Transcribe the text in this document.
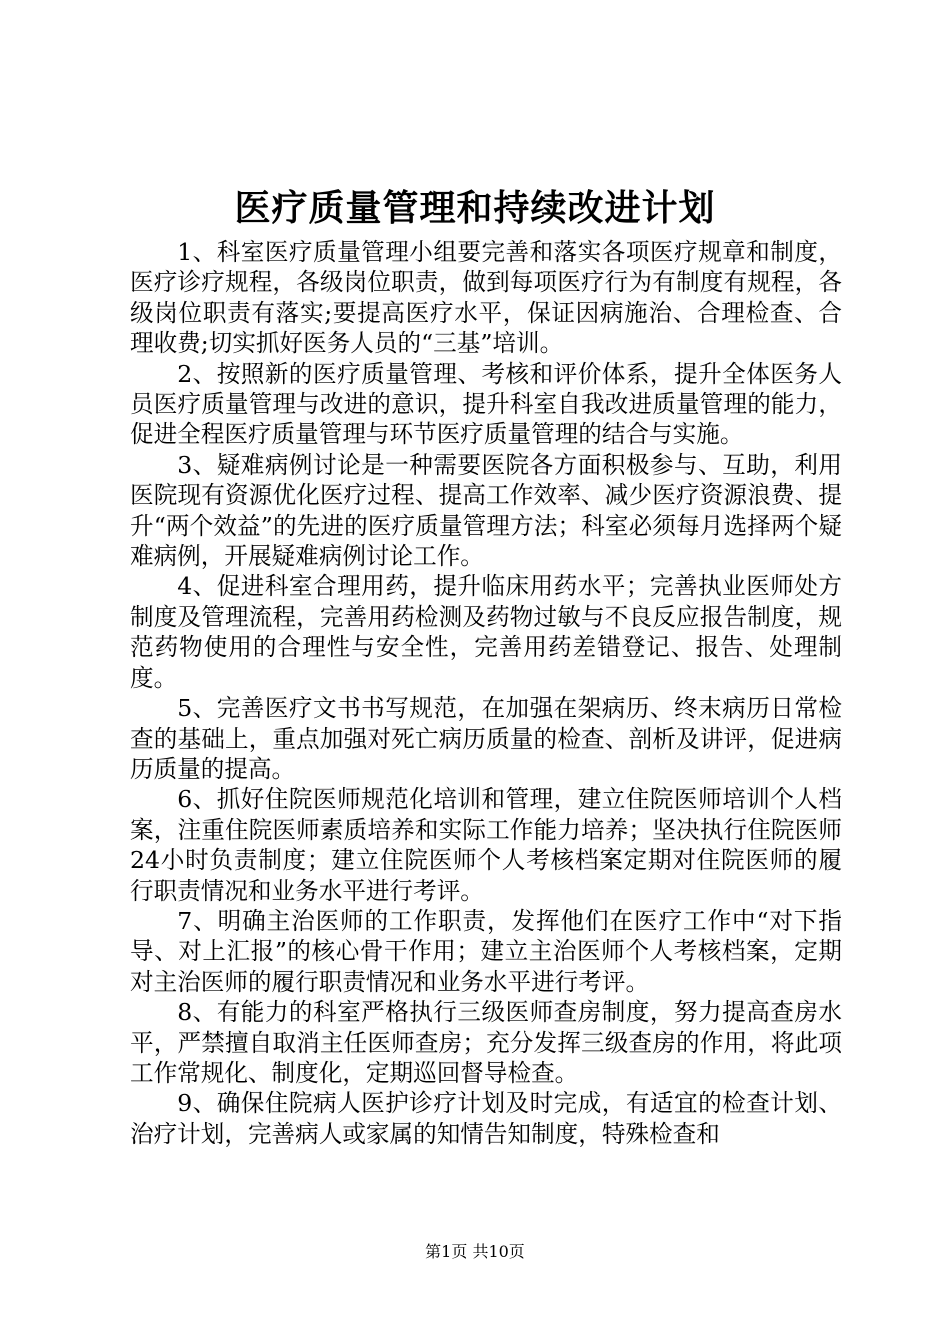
医疗质量管理和持续改进计划

1、科室医疗质量管理小组要完善和落实各项医疗规章和制度，医疗诊疗规程，各级岗位职责，做到每项医疗行为有制度有规程，各级岗位职责有落实;要提高医疗水平，保证因病施治、合理检查、合理收费;切实抓好医务人员的“三基”培训。

2、按照新的医疗质量管理、考核和评价体系，提升全体医务人员医疗质量管理与改进的意识，提升科室自我改进质量管理的能力，促进全程医疗质量管理与环节医疗质量管理的结合与实施。

3、疑难病例讨论是一种需要医院各方面积极参与、互助，利用医院现有资源优化医疗过程、提高工作效率、减少医疗资源浪费、提升“两个效益”的先进的医疗质量管理方法；科室必须每月选择两个疑难病例，开展疑难病例讨论工作。

4、促进科室合理用药，提升临床用药水平；完善执业医师处方制度及管理流程，完善用药检测及药物过敏与不良反应报告制度，规范药物使用的合理性与安全性，完善用药差错登记、报告、处理制度。

5、完善医疗文书书写规范，在加强在架病历、终末病历日常检查的基础上，重点加强对死亡病历质量的检查、剖析及讲评，促进病历质量的提高。

6、抓好住院医师规范化培训和管理，建立住院医师培训个人档案，注重住院医师素质培养和实际工作能力培养；坚决执行住院医师24小时负责制度；建立住院医师个人考核档案定期对住院医师的履行职责情况和业务水平进行考评。

7、明确主治医师的工作职责，发挥他们在医疗工作中“对下指导、对上汇报”的核心骨干作用；建立主治医师个人考核档案，定期对主治医师的履行职责情况和业务水平进行考评。

8、有能力的科室严格执行三级医师查房制度，努力提高查房水平，严禁擅自取消主任医师查房；充分发挥三级查房的作用，将此项工作常规化、制度化，定期巡回督导检查。

9、确保住院病人医护诊疗计划及时完成，有适宜的检查计划、治疗计划，完善病人或家属的知情告知制度，特殊检查和

第1页 共10页
